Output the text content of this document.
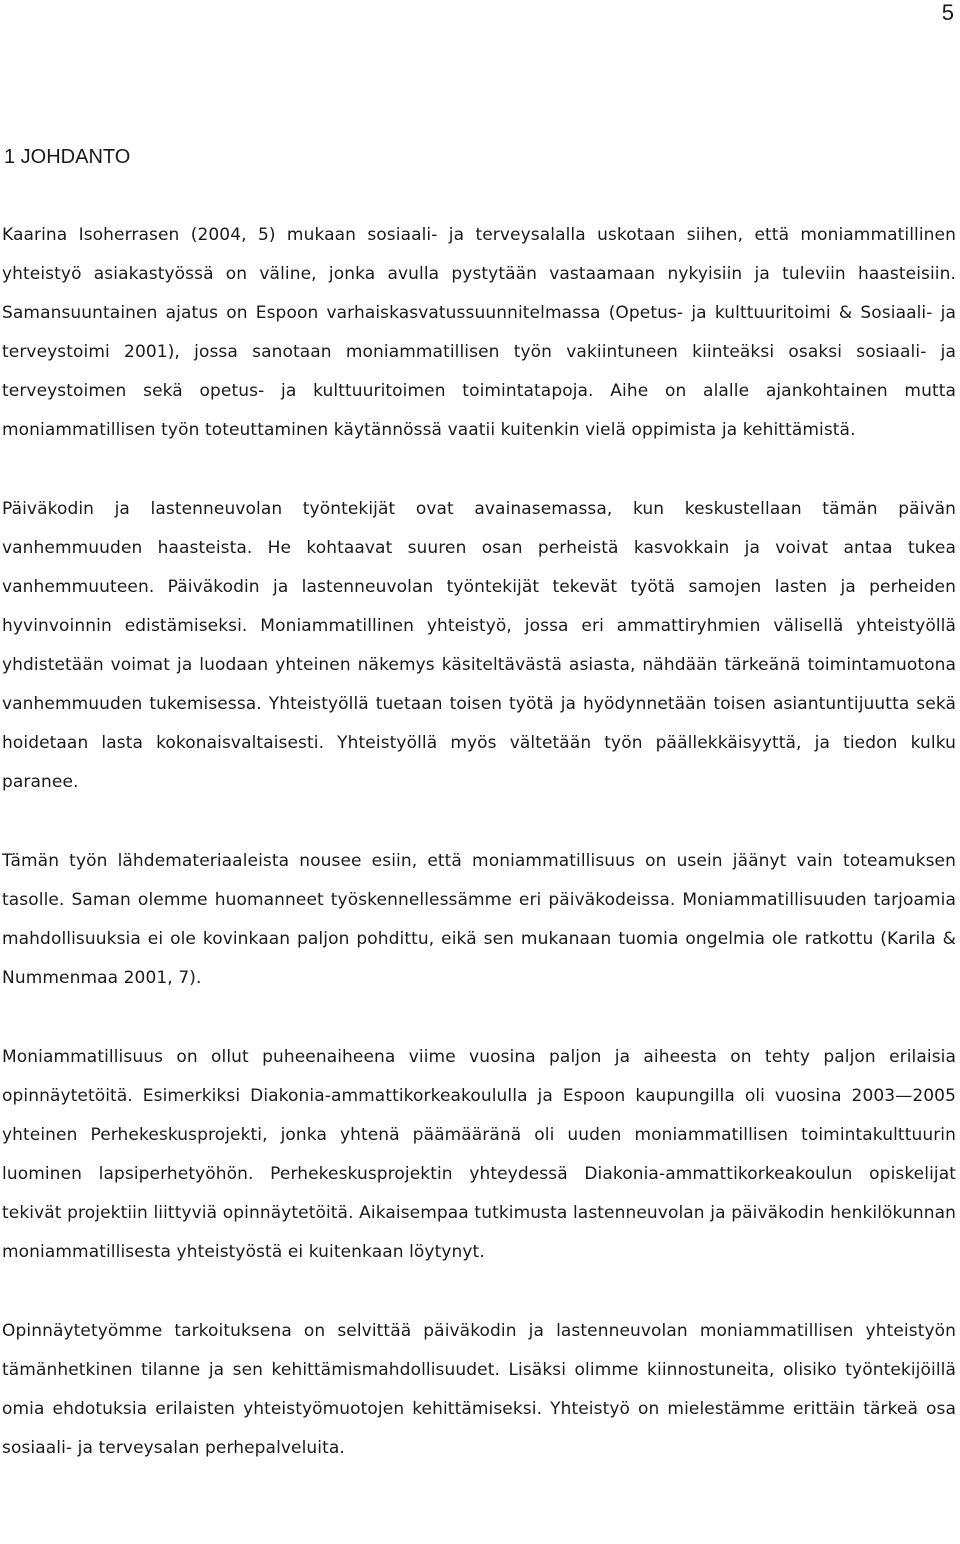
5
1 JOHDANTO

Kaarina Isoherrasen (2004, 5) mukaan sosiaali- ja terveysalalla uskotaan siihen, että moniammatillinen yhteistyö asiakastyössä on väline, jonka avulla pystytään vastaamaan nykyisiin ja tuleviin haasteisiin. Samansuuntainen ajatus on Espoon varhaiskasvatussuunnitelmassa (Opetus- ja kulttuuritoimi & Sosiaali- ja terveystoimi 2001), jossa sanotaan moniammatillisen työn vakiintuneen kiinteäksi osaksi sosiaali- ja terveystoimen sekä opetus- ja kulttuuritoimen toimintatapoja. Aihe on alalle ajankohtainen mutta moniammatillisen työn toteuttaminen käytännössä vaatii kuitenkin vielä oppimista ja kehittämistä.

Päiväkodin ja lastenneuvolan työntekijät ovat avainasemassa, kun keskustellaan tämän päivän vanhemmuuden haasteista. He kohtaavat suuren osan perheistä kasvokkain ja voivat antaa tukea vanhemmuuteen. Päiväkodin ja lastenneuvolan työntekijät tekevät työtä samojen lasten ja perheiden hyvinvoinnin edistämiseksi. Moniammatillinen yhteistyö, jossa eri ammattiryhmien välisellä yhteistyöllä yhdistetään voimat ja luodaan yhteinen näkemys käsiteltävästä asiasta, nähdään tärkeänä toimintamuotona vanhemmuuden tukemisessa. Yhteistyöllä tuetaan toisen työtä ja hyödynnetään toisen asiantuntijuutta sekä hoidetaan lasta kokonaisvaltaisesti. Yhteistyöllä myös vältetään työn päällekkäisyyttä, ja tiedon kulku paranee.

Tämän työn lähdemateriaaleista nousee esiin, että moniammatillisuus on usein jäänyt vain toteamuksen tasolle. Saman olemme huomanneet työskennellessämme eri päiväkodeissa. Moniammatillisuuden tarjoamia mahdollisuuksia ei ole kovinkaan paljon pohdittu, eikä sen mukanaan tuomia ongelmia ole ratkottu (Karila & Nummenmaa 2001, 7).

Moniammatillisuus on ollut puheenaiheena viime vuosina paljon ja aiheesta on tehty paljon erilaisia opinnäytetöitä. Esimerkiksi Diakonia-ammattikorkeakoululla ja Espoon kaupungilla oli vuosina 2003—2005 yhteinen Perhekeskusprojekti, jonka yhtenä päämääränä oli uuden moniammatillisen toimintakulttuurin luominen lapsiperhetyöhön. Perhekeskusprojektin yhteydessä Diakonia-ammattikorkeakoulun opiskelijat tekivät projektiin liittyviä opinnäytetöitä. Aikaisempaa tutkimusta lastenneuvolan ja päiväkodin henkilökunnan moniammatillisesta yhteistyöstä ei kuitenkaan löytynyt.

Opinnäytetyömme tarkoituksena on selvittää päiväkodin ja lastenneuvolan moniammatillisen yhteistyön tämänhetkinen tilanne ja sen kehittämismahdollisuudet. Lisäksi olimme kiinnostuneita, olisiko työntekijöillä omia ehdotuksia erilaisten yhteistyömuotojen kehittämiseksi. Yhteistyö on mielestämme erittäin tärkeä osa sosiaali- ja terveysalan perhepalveluita.
